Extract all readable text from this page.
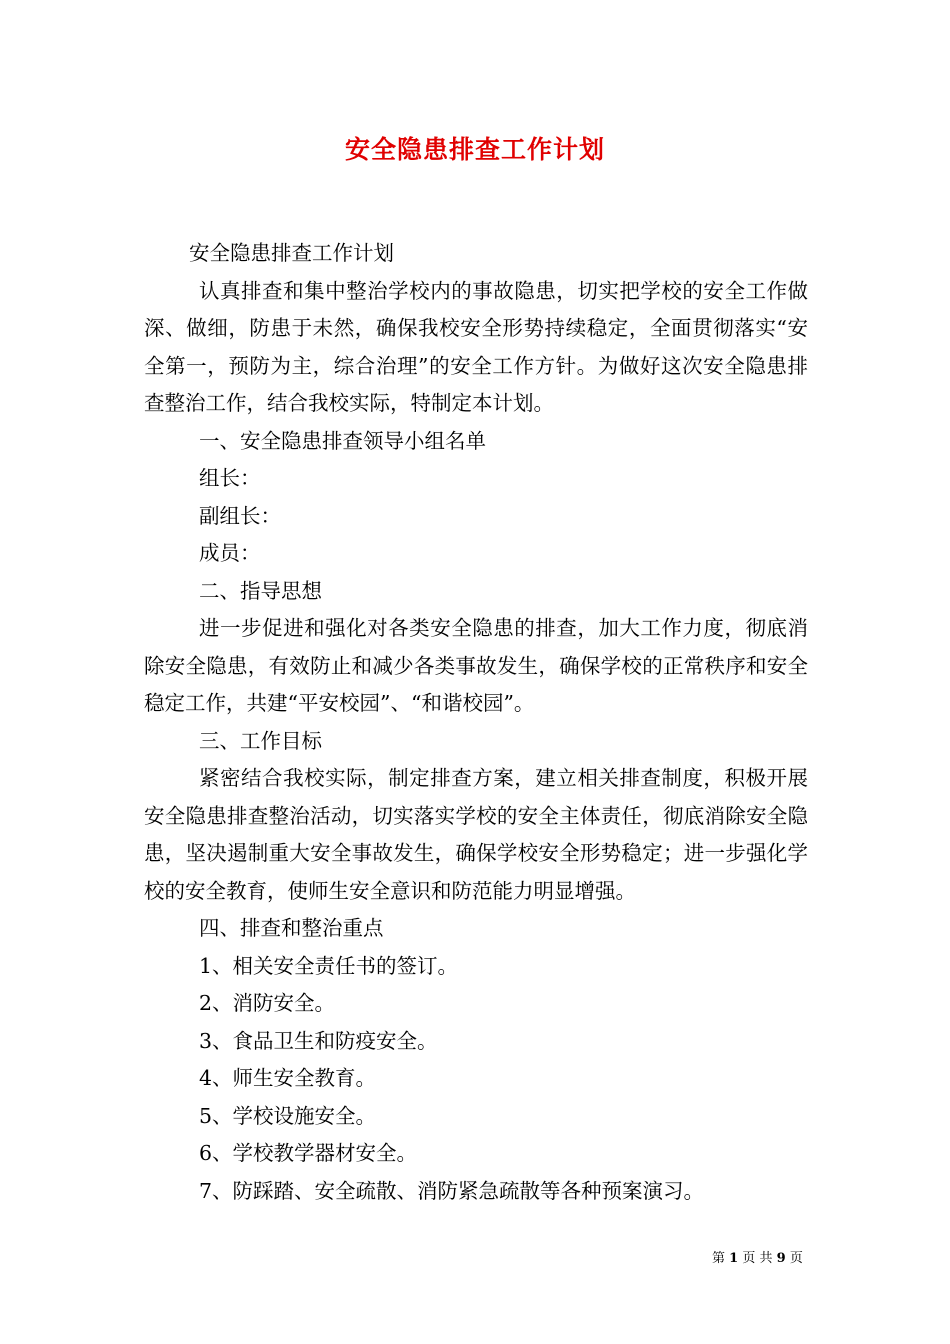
安全隐患排查工作计划

安全隐患排查工作计划

认真排查和集中整治学校内的事故隐患，切实把学校的安全工作做深、做细，防患于未然，确保我校安全形势持续稳定，全面贯彻落实“安全第一，预防为主，综合治理”的安全工作方针。为做好这次安全隐患排查整治工作，结合我校实际，特制定本计划。

一、安全隐患排查领导小组名单

组长：

副组长：

成员：

二、指导思想

进一步促进和强化对各类安全隐患的排查，加大工作力度，彻底消除安全隐患，有效防止和减少各类事故发生，确保学校的正常秩序和安全稳定工作，共建“平安校园”、“和谐校园”。

三、工作目标

紧密结合我校实际，制定排查方案，建立相关排查制度，积极开展安全隐患排查整治活动，切实落实学校的安全主体责任，彻底消除安全隐患，坚决遏制重大安全事故发生，确保学校安全形势稳定；进一步强化学校的安全教育，使师生安全意识和防范能力明显增强。

四、排查和整治重点

1、相关安全责任书的签订。

2、消防安全。

3、食品卫生和防疫安全。

4、师生安全教育。

5、学校设施安全。

6、学校教学器材安全。

7、防踩踏、安全疏散、消防紧急疏散等各种预案演习。

第 1 页 共 9 页
